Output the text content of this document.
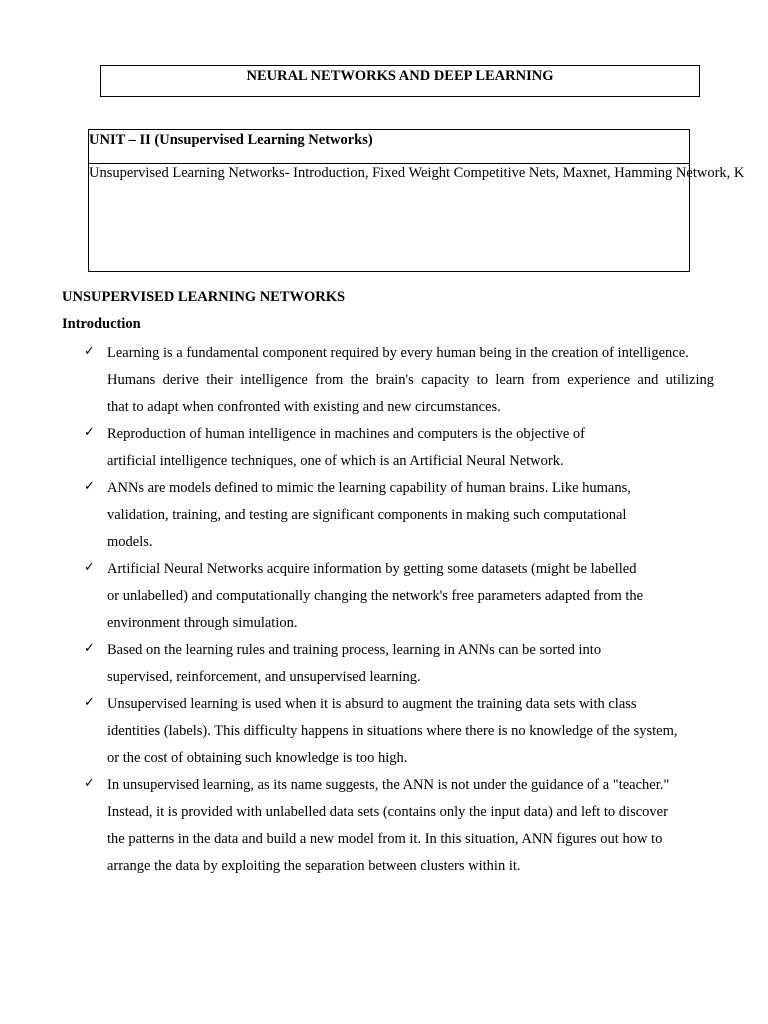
NEURAL NETWORKS AND DEEP LEARNING
UNIT – II (Unsupervised Learning Networks)
Unsupervised Learning Networks- Introduction, Fixed Weight Competitive Nets, Maxnet, Hamming Network, K
UNSUPERVISED LEARNING NETWORKS
Introduction
✓ Learning is a fundamental component required by every human being in the creation of intelligence.
Humans derive their intelligence from the brain's capacity to learn from experience and utilizing
that to adapt when confronted with existing and new circumstances.
✓ Reproduction of human intelligence in machines and computers is the objective of
artificial intelligence techniques, one of which is an Artificial Neural Network.
✓ ANNs are models defined to mimic the learning capability of human brains. Like humans,
validation, training, and testing are significant components in making such computational
models.
✓ Artificial Neural Networks acquire information by getting some datasets (might be labelled
or unlabelled) and computationally changing the network's free parameters adapted from the
environment through simulation.
✓ Based on the learning rules and training process, learning in ANNs can be sorted into
supervised, reinforcement, and unsupervised learning.
✓ Unsupervised learning is used when it is absurd to augment the training data sets with class
identities (labels). This difficulty happens in situations where there is no knowledge of the system,
or the cost of obtaining such knowledge is too high.
✓ In unsupervised learning, as its name suggests, the ANN is not under the guidance of a "teacher."
Instead, it is provided with unlabelled data sets (contains only the input data) and left to discover
the patterns in the data and build a new model from it. In this situation, ANN figures out how to
arrange the data by exploiting the separation between clusters within it.
